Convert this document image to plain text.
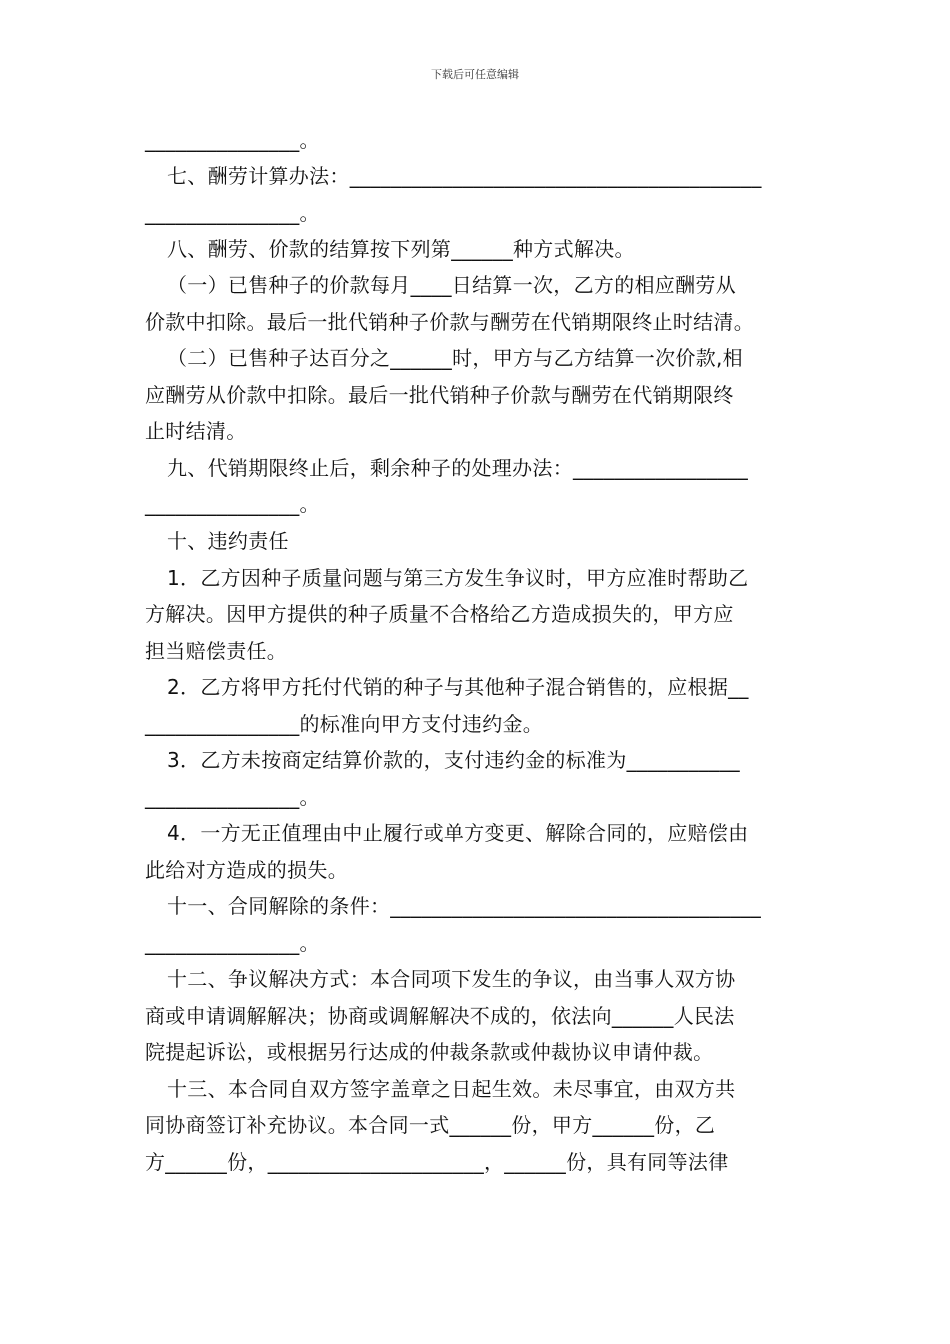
下载后可任意编辑
_______________。
七、酬劳计算办法：________________________________________
_______________。
八、酬劳、价款的结算按下列第______种方式解决。
（一）已售种子的价款每月____日结算一次，乙方的相应酬劳从
价款中扣除。最后一批代销种子价款与酬劳在代销期限终止时结清。
（二）已售种子达百分之______时，甲方与乙方结算一次价款,相
应酬劳从价款中扣除。最后一批代销种子价款与酬劳在代销期限终
止时结清。
九、代销期限终止后，剩余种子的处理办法：_________________
_______________。
十、违约责任
1．乙方因种子质量问题与第三方发生争议时，甲方应准时帮助乙
方解决。因甲方提供的种子质量不合格给乙方造成损失的，甲方应
担当赔偿责任。
2．乙方将甲方托付代销的种子与其他种子混合销售的，应根据__
_______________的标准向甲方支付违约金。
3．乙方未按商定结算价款的，支付违约金的标准为___________
_______________。
4．一方无正值理由中止履行或单方变更、解除合同的，应赔偿由
此给对方造成的损失。
十一、合同解除的条件：____________________________________
_______________。
十二、争议解决方式：本合同项下发生的争议，由当事人双方协
商或申请调解解决；协商或调解解决不成的，依法向______人民法
院提起诉讼，或根据另行达成的仲裁条款或仲裁协议申请仲裁。
十三、本合同自双方签字盖章之日起生效。未尽事宜，由双方共
同协商签订补充协议。本合同一式______份，甲方______份，乙
方______份，_____________________，______份，具有同等法律
